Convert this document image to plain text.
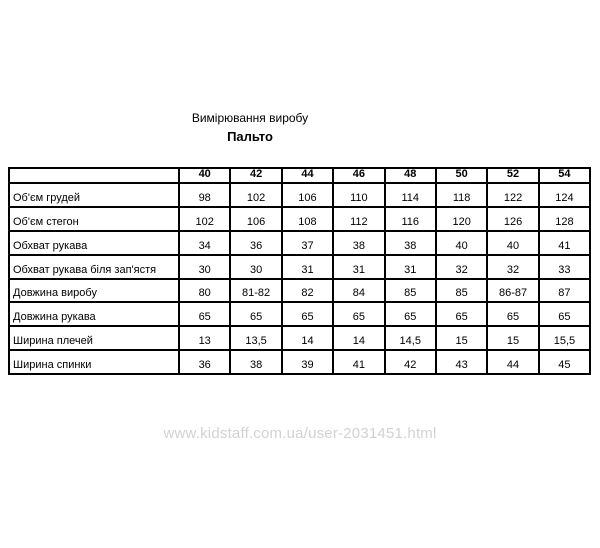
Вимірювання виробу
Пальто
	40	42	44	46	48	50	52	54
Об'єм грудей	98	102	106	110	114	118	122	124
Об'єм стегон	102	106	108	112	116	120	126	128
Обхват рукава	34	36	37	38	38	40	40	41
Обхват рукава біля зап'ястя	30	30	31	31	31	32	32	33
Довжина виробу	80	81-82	82	84	85	85	86-87	87
Довжина рукава	65	65	65	65	65	65	65	65
Ширина плечей	13	13,5	14	14	14,5	15	15	15,5
Ширина спинки	36	38	39	41	42	43	44	45
www.kidstaff.com.ua/user-2031451.html
